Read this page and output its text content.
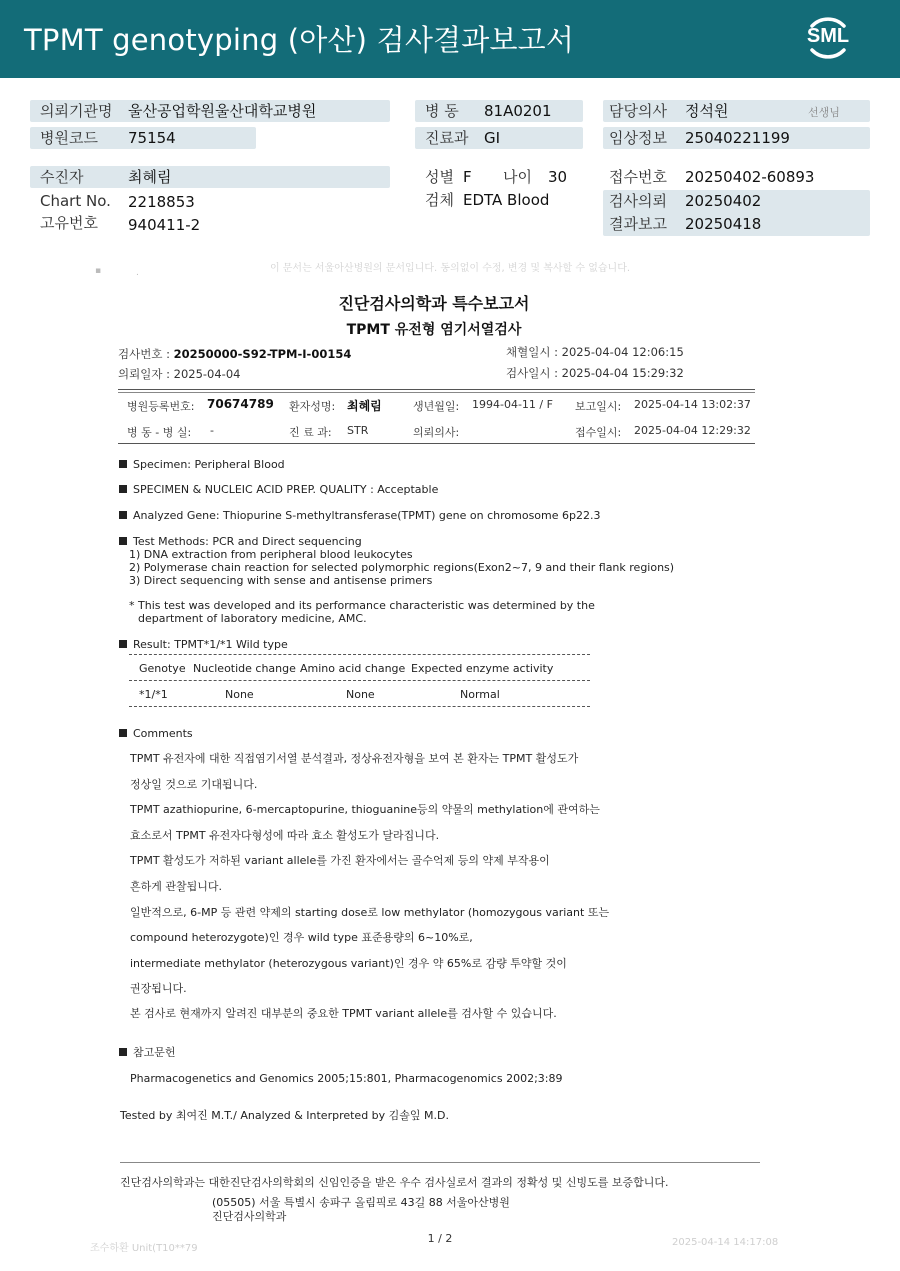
TPMT genotyping (아산) 검사결과보고서	SML
의뢰기관명 울산공업학원울산대학교병원
병원코드 75154
병 동 81A0201
진료과 GI
담당의사 정석원	선생님
임상정보 25040221199
수진자	최혜림
Chart No. 2218853
고유번호 940411-2
성별 F 나이 30
검체 EDTA Blood
접수번호 20250402-60893
검사의뢰 20250402
결과보고 20250418
이 문서는 서울아산병원의 문서입니다. 동의없이 수정, 변경 및 복사할 수 없습니다.
▪	.
진단검사의학과 특수보고서
TPMT 유전형 염기서열검사
검사번호 : 20250000-S92-TPM-I-00154
의뢰일자 : 2025-04-04
채혈일시 : 2025-04-04 12:06:15
검사일시 : 2025-04-04 15:29:32
병원등록번호: 70674789 환자성명: 최혜림	생년월일: 1994-04-11 / F 보고일시: 2025-04-14 13:02:37
병 동 - 병 실: -	진 료 과: STR	의뢰의사:	접수일시: 2025-04-04 12:29:32
Specimen: Peripheral Blood
SPECIMEN & NUCLEIC ACID PREP. QUALITY : Acceptable
Analyzed Gene: Thiopurine S-methyltransferase(TPMT) gene on chromosome 6p22.3
Test Methods: PCR and Direct sequencing
1) DNA extraction from peripheral blood leukocytes
2) Polymerase chain reaction for selected polymorphic regions(Exon2~7, 9 and their flank regions)
3) Direct sequencing with sense and antisense primers
* This test was developed and its performance characteristic was determined by the
department of laboratory medicine, AMC.
Result: TPMT*1/*1 Wild type
Genotye Nucleotide change Amino acid change Expected enzyme activity
*1/*1	None	None	Normal
Comments
TPMT 유전자에 대한 직접염기서열 분석결과, 정상유전자형을 보여 본 환자는 TPMT 활성도가
정상일 것으로 기대됩니다.
TPMT azathiopurine, 6-mercaptopurine, thioguanine등의 약물의 methylation에 관여하는
효소로서 TPMT 유전자다형성에 따라 효소 활성도가 달라집니다.
TPMT 활성도가 저하된 variant allele를 가진 환자에서는 골수억제 등의 약제 부작용이
흔하게 관찰됩니다.
일반적으로, 6-MP 등 관련 약제의 starting dose로 low methylator (homozygous variant 또는
compound heterozygote)인 경우 wild type 표준용량의 6~10%로,
intermediate methylator (heterozygous variant)인 경우 약 65%로 감량 투약할 것이
권장됩니다.
본 검사로 현재까지 알려진 대부분의 중요한 TPMT variant allele를 검사할 수 있습니다.
참고문헌
Pharmacogenetics and Genomics 2005;15:801, Pharmacogenomics 2002;3:89
Tested by 최여진 M.T./ Analyzed & Interpreted by 김솔잎 M.D.
진단검사의학과는 대한진단검사의학회의 신임인증을 받은 우수 검사실로서 결과의 정확성 및 신빙도를 보증합니다.
(05505) 서울 특별시 송파구 올림픽로 43길 88 서울아산병원
진단검사의학과
조수하환 Unit(T10**79
1 / 2	2025-04-14 14:17:08
